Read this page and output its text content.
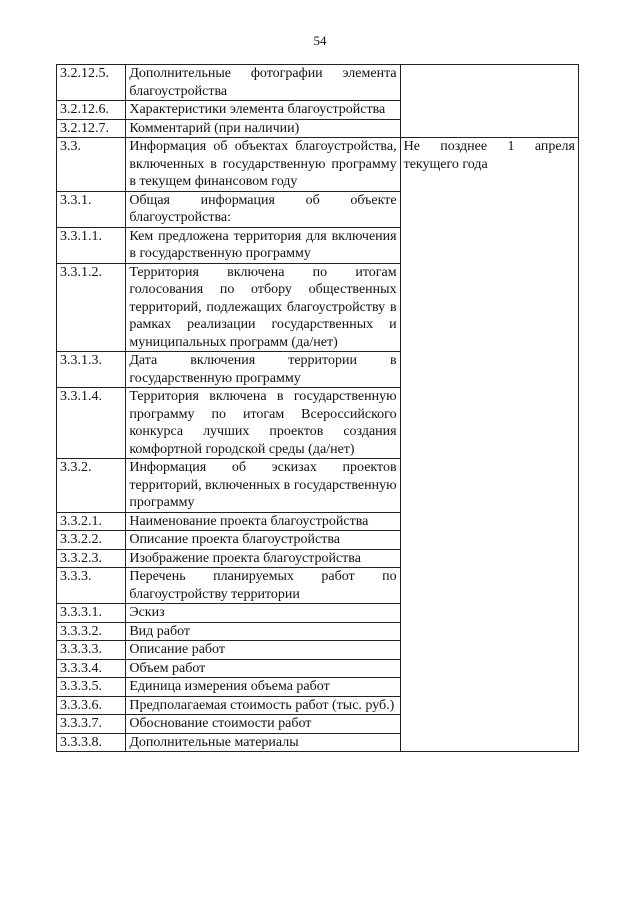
54
3.2.12.5.	Дополнительные фотографии элемента благоустройства	
3.2.12.6.	Характеристики элемента благоустройства	
3.2.12.7.	Комментарий (при наличии)	
3.3.	Информация об объектах благоустройства, включенных в государственную программу в текущем финансовом году	Не позднее 1 апреля текущего года

3.3.1.	Общая информация об объекте благоустройства:	
3.3.1.1.	Кем предложена территория для включения в государственную программу	
3.3.1.2.	Территория включена по итогам голосования по отбору общественных территорий, подлежащих благоустройству в рамках реализации государственных и муниципальных программ (да/нет)	
3.3.1.3.	Дата включения территории в государственную программу	
3.3.1.4.	Территория включена в государственную программу по итогам Всероссийского конкурса лучших проектов создания комфортной городской среды (да/нет)	
3.3.2.	Информация об эскизах проектов территорий, включенных в государственную программу	
3.3.2.1.	Наименование проекта благоустройства	
3.3.2.2.	Описание проекта благоустройства	
3.3.2.3.	Изображение проекта благоустройства	
3.3.3.	Перечень планируемых работ по благоустройству территории	
3.3.3.1.	Эскиз	
3.3.3.2.	Вид работ	
3.3.3.3.	Описание работ	
3.3.3.4.	Объем работ	
3.3.3.5.	Единица измерения объема работ	
3.3.3.6.	Предполагаемая стоимость работ (тыс. руб.)	
3.3.3.7.	Обоснование стоимости работ	
3.3.3.8.	Дополнительные материалы	
